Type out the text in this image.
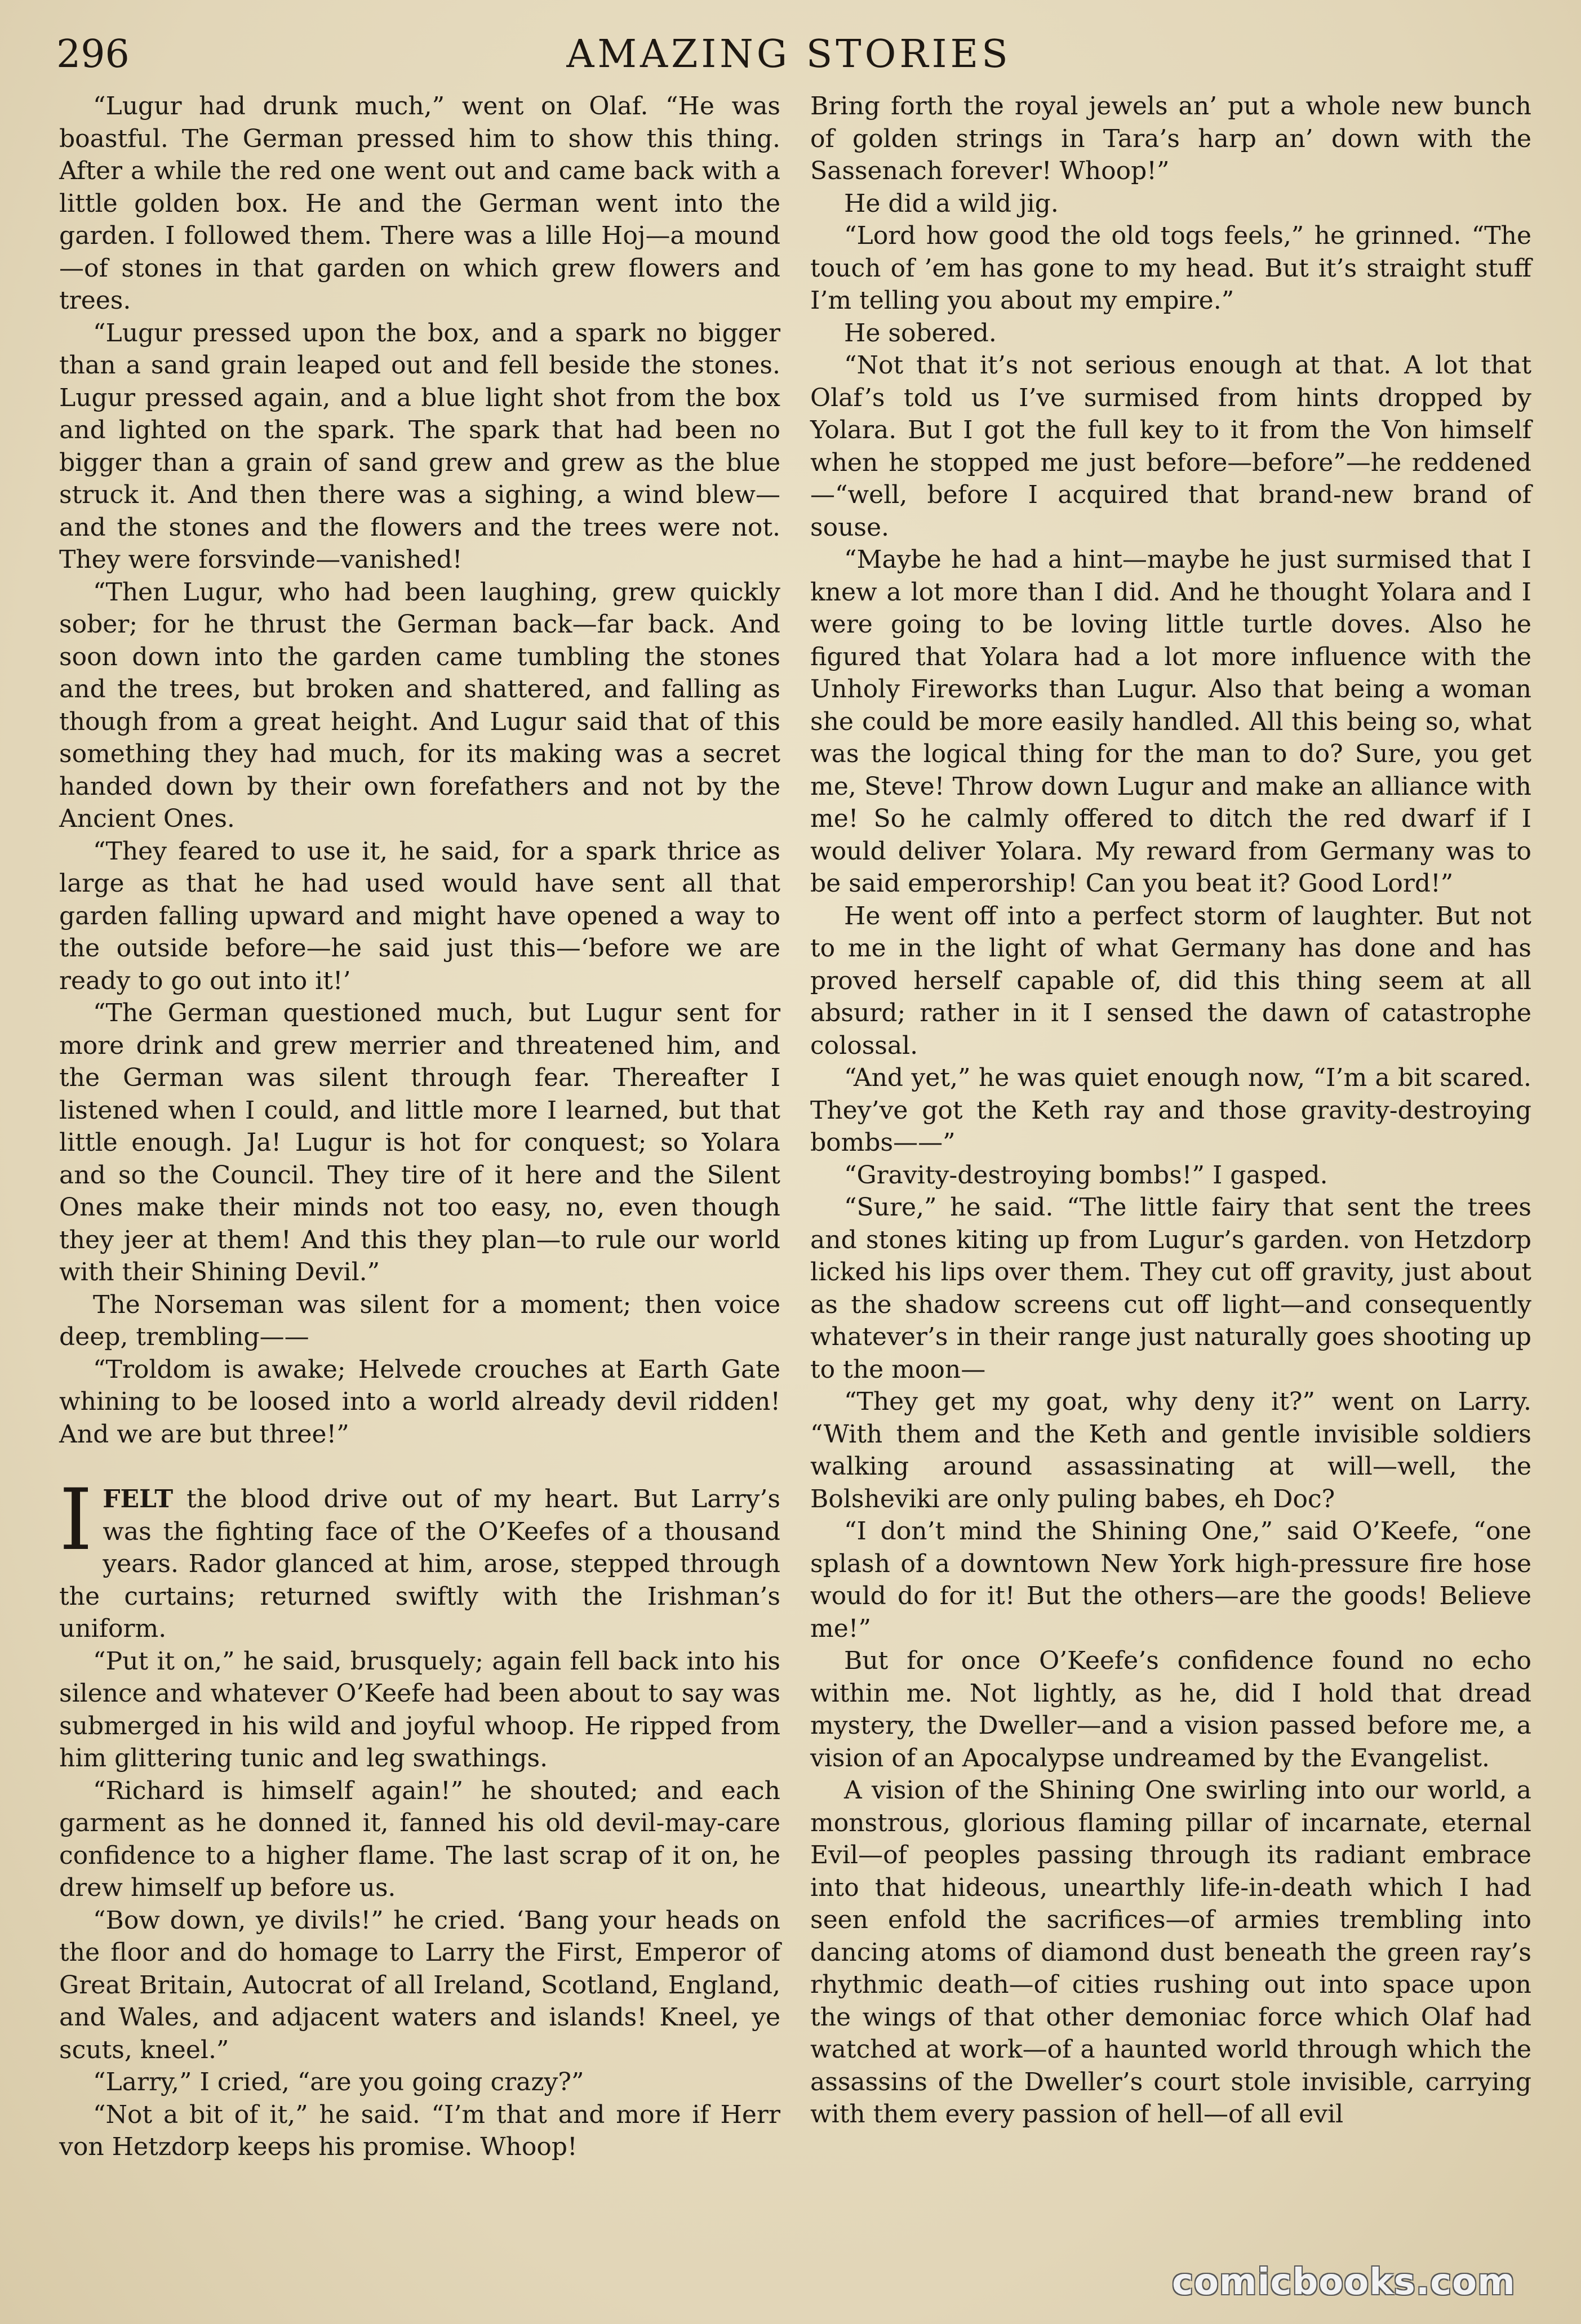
296	AMAZING STORIES

“Lugur had drunk much,” went on Olaf. “He was boastful. The German pressed him to show this thing. After a while the red one went out and came back with a little golden box. He and the German went into the garden. I followed them. There was a lille Hoj—a mound—of stones in that garden on which grew flowers and trees.

“Lugur pressed upon the box, and a spark no bigger than a sand grain leaped out and fell beside the stones. Lugur pressed again, and a blue light shot from the box and lighted on the spark. The spark that had been no bigger than a grain of sand grew and grew as the blue struck it. And then there was a sighing, a wind blew—and the stones and the flowers and the trees were not. They were forsvinde—vanished!

“Then Lugur, who had been laughing, grew quickly sober; for he thrust the German back—far back. And soon down into the garden came tumbling the stones and the trees, but broken and shattered, and falling as though from a great height. And Lugur said that of this something they had much, for its making was a secret handed down by their own forefathers and not by the Ancient Ones.

“They feared to use it, he said, for a spark thrice as large as that he had used would have sent all that garden falling upward and might have opened a way to the outside before—he said just this—‘before we are ready to go out into it!’

“The German questioned much, but Lugur sent for more drink and grew merrier and threatened him, and the German was silent through fear. Thereafter I listened when I could, and little more I learned, but that little enough. Ja! Lugur is hot for conquest; so Yolara and so the Council. They tire of it here and the Silent Ones make their minds not too easy, no, even though they jeer at them! And this they plan—to rule our world with their Shining Devil.”

The Norseman was silent for a moment; then voice deep, trembling——

“Troldom is awake; Helvede crouches at Earth Gate whining to be loosed into a world already devil ridden! And we are but three!”

IFELT the blood drive out of my heart. But Larry’s was the fighting face of the O’Keefes of a thousand years. Rador glanced at him, arose, stepped through the curtains; returned swiftly with the Irishman’s uniform.

“Put it on,” he said, brusquely; again fell back into his silence and whatever O’Keefe had been about to say was submerged in his wild and joyful whoop. He ripped from him glittering tunic and leg swathings.

“Richard is himself again!” he shouted; and each garment as he donned it, fanned his old devil-may-care confidence to a higher flame. The last scrap of it on, he drew himself up before us.

“Bow down, ye divils!” he cried. ‘Bang your heads on the floor and do homage to Larry the First, Emperor of Great Britain, Autocrat of all Ireland, Scotland, England, and Wales, and adjacent waters and islands! Kneel, ye scuts, kneel.”

“Larry,” I cried, “are you going crazy?”

“Not a bit of it,” he said. “I’m that and more if Herr von Hetzdorp keeps his promise. Whoop!

Bring forth the royal jewels an’ put a whole new bunch of golden strings in Tara’s harp an’ down with the Sassenach forever! Whoop!”

He did a wild jig.

“Lord how good the old togs feels,” he grinned. “The touch of ’em has gone to my head. But it’s straight stuff I’m telling you about my empire.”

He sobered.

“Not that it’s not serious enough at that. A lot that Olaf’s told us I’ve surmised from hints dropped by Yolara. But I got the full key to it from the Von himself when he stopped me just before—before”—he reddened—“well, before I acquired that brand-new brand of souse.

“Maybe he had a hint—maybe he just surmised that I knew a lot more than I did. And he thought Yolara and I were going to be loving little turtle doves. Also he figured that Yolara had a lot more influence with the Unholy Fireworks than Lugur. Also that being a woman she could be more easily handled. All this being so, what was the logical thing for the man to do? Sure, you get me, Steve! Throw down Lugur and make an alliance with me! So he calmly offered to ditch the red dwarf if I would deliver Yolara. My reward from Germany was to be said emperorship! Can you beat it? Good Lord!”

He went off into a perfect storm of laughter. But not to me in the light of what Germany has done and has proved herself capable of, did this thing seem at all absurd; rather in it I sensed the dawn of catastrophe colossal.

“And yet,” he was quiet enough now, “I’m a bit scared. They’ve got the Keth ray and those gravity-destroying bombs——”

“Gravity-destroying bombs!” I gasped.

“Sure,” he said. “The little fairy that sent the trees and stones kiting up from Lugur’s garden. von Hetzdorp licked his lips over them. They cut off gravity, just about as the shadow screens cut off light—and consequently whatever’s in their range just naturally goes shooting up to the moon—

“They get my goat, why deny it?” went on Larry. “With them and the Keth and gentle invisible soldiers walking around assassinating at will—well, the Bolsheviki are only puling babes, eh Doc?

“I don’t mind the Shining One,” said O’Keefe, “one splash of a downtown New York high-pressure fire hose would do for it! But the others—are the goods! Believe me!”

But for once O’Keefe’s confidence found no echo within me. Not lightly, as he, did I hold that dread mystery, the Dweller—and a vision passed before me, a vision of an Apocalypse undreamed by the Evangelist.

A vision of the Shining One swirling into our world, a monstrous, glorious flaming pillar of incarnate, eternal Evil—of peoples passing through its radiant embrace into that hideous, unearthly life-in-death which I had seen enfold the sacrifices—of armies trembling into dancing atoms of diamond dust beneath the green ray’s rhythmic death—of cities rushing out into space upon the wings of that other demoniac force which Olaf had watched at work—of a haunted world through which the assassins of the Dweller’s court stole invisible, carrying with them every passion of hell—of all evil

comicbooks.com
